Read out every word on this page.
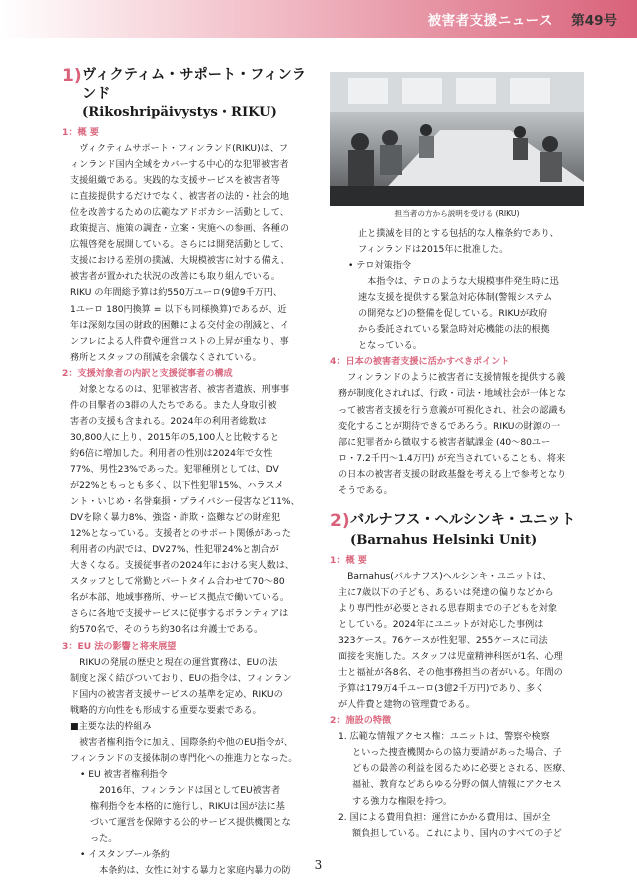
被害者支援ニュース 第49号
1) ヴィクティム・サポート・フィンランド
(Rikoshripäivystys・RIKU)
1：概 要

ヴィクティムサポート・フィンランド(RIKU)は、フ

ィンランド国内全域をカバーする中心的な犯罪被害者

支援組織である。実践的な支援サービスを被害者等

に直接提供するだけでなく、被害者の法的・社会的地

位を改善するための広範なアドボカシー活動として、

政策提言、施策の調査・立案・実施への参画、各種の

広報啓発を展開している。さらには開発活動として、

支援における差別の撲滅、大規模被害に対する備え、

被害者が置かれた状況の改善にも取り組んでいる。

RIKU の年間総予算は約550万ユーロ(9億9千万円、

1ユーロ 180円換算 = 以下も同様換算)であるが、近

年は深刻な国の財政的困難による交付金の削減と、イ

ンフレによる人件費や運営コストの上昇が重なり、事

務所とスタッフの削減を余儀なくされている。

2：支援対象者の内訳と支援従事者の構成

対象となるのは、犯罪被害者、被害者遺族、刑事事

件の目撃者の3群の人たちである。また人身取引被

害者の支援も含まれる。2024年の利用者総数は

30,800人に上り、2015年の5,100人と比較すると

約6倍に増加した。利用者の性別は2024年で女性

77%、男性23%であった。犯罪種別としては、DV

が22%ともっとも多く、以下性犯罪15%、ハラスメ

ント・いじめ・名誉棄損・プライバシー侵害など11%、

DVを除く暴力8%、強盗・詐欺・盗難などの財産犯

12%となっている。支援者とのサポート関係があった

利用者の内訳では、DV27%、性犯罪24%と割合が

大きくなる。支援従事者の2024年における実人数は、

スタッフとして常勤とパートタイム合わせて70〜80

名が本部、地域事務所、サービス拠点で働いている。

さらに各地で支援サービスに従事するボランティアは

約570名で、そのうち約30名は弁護士である。

3：EU 法の影響と将来展望

RIKUの発展の歴史と現在の運営實務は、EUの法

制度と深く結びついており、EUの指令は、フィンラン

ド国内の被害者支援サービスの基準を定め、RIKUの

戦略的方向性をも形成する重要な要素である。

■主要な法的枠組み

被害者権利指令に加え、国際条約や他のEU指令が、

フィンランドの支援体制の専門化への推進力となった。

• EU 被害者権利指令

2016年、フィンランドは国としてEU被害者

権利指令を本格的に施行し、RIKUは国が法に基

づいて運営を保障する公的サービス提供機関とな

った。

• イスタンブール条約

本条約は、女性に対する暴力と家庭内暴力の防

担当者の方から説明を受ける (RIKU)

止と撲滅を目的とする包括的な人権条約であり、

フィンランドは2015年に批准した。

• テロ対策指令

本指令は、テロのような大規模事件発生時に迅

速な支援を提供する緊急対応体制(警報システム

の開発など)の整備を促している。RIKUが政府

から委託されている緊急時対応機能の法的根拠

となっている。

4：日本の被害者支援に活かすべきポイント

フィンランドのように被害者に支援情報を提供する義

務が制度化されれば、行政・司法・地域社会が一体とな

って被害者支援を行う意義が可視化され、社会の認識も

変化することが期待できるであろう。RIKUの財源の一

部に犯罪者から徴収する被害者賦課金 (40〜80ユー

ロ・7.2千円〜1.4万円) が充当されていることも、将来

の日本の被害者支援の財政基盤を考える上で参考となり

そうである。

2) バルナフス・ヘルシンキ・ユニット
(Barnahus Helsinki Unit)
1：概 要

Barnahus(バルナフス)ヘルシンキ・ユニットは、

主に7歳以下の子ども、あるいは発達の偏りなどから

より専門性が必要とされる思春期までの子どもを対象

としている。2024年にユニットが対応した事例は

323ケース。76ケースが性犯罪、255ケースに司法

面接を実施した。スタッフは児童精神科医が1名、心理

士と福祉が各8名、その他事務担当の者がいる。年間の

予算は179万4千ユーロ(3億2千万円)であり、多く

が人件費と建物の管理費である。

2：施設の特徴

1. 広範な情報アクセス権：ユニットは、警察や検察

といった捜査機関からの協力要請があった場合、子

どもの最善の利益を図るために必要とされる、医療、

福祉、教育などあらゆる分野の個人情報にアクセス

する強力な権限を持つ。

2. 国による費用負担：運営にかかる費用は、国が全

額負担している。これにより、国内のすべての子ど

3
